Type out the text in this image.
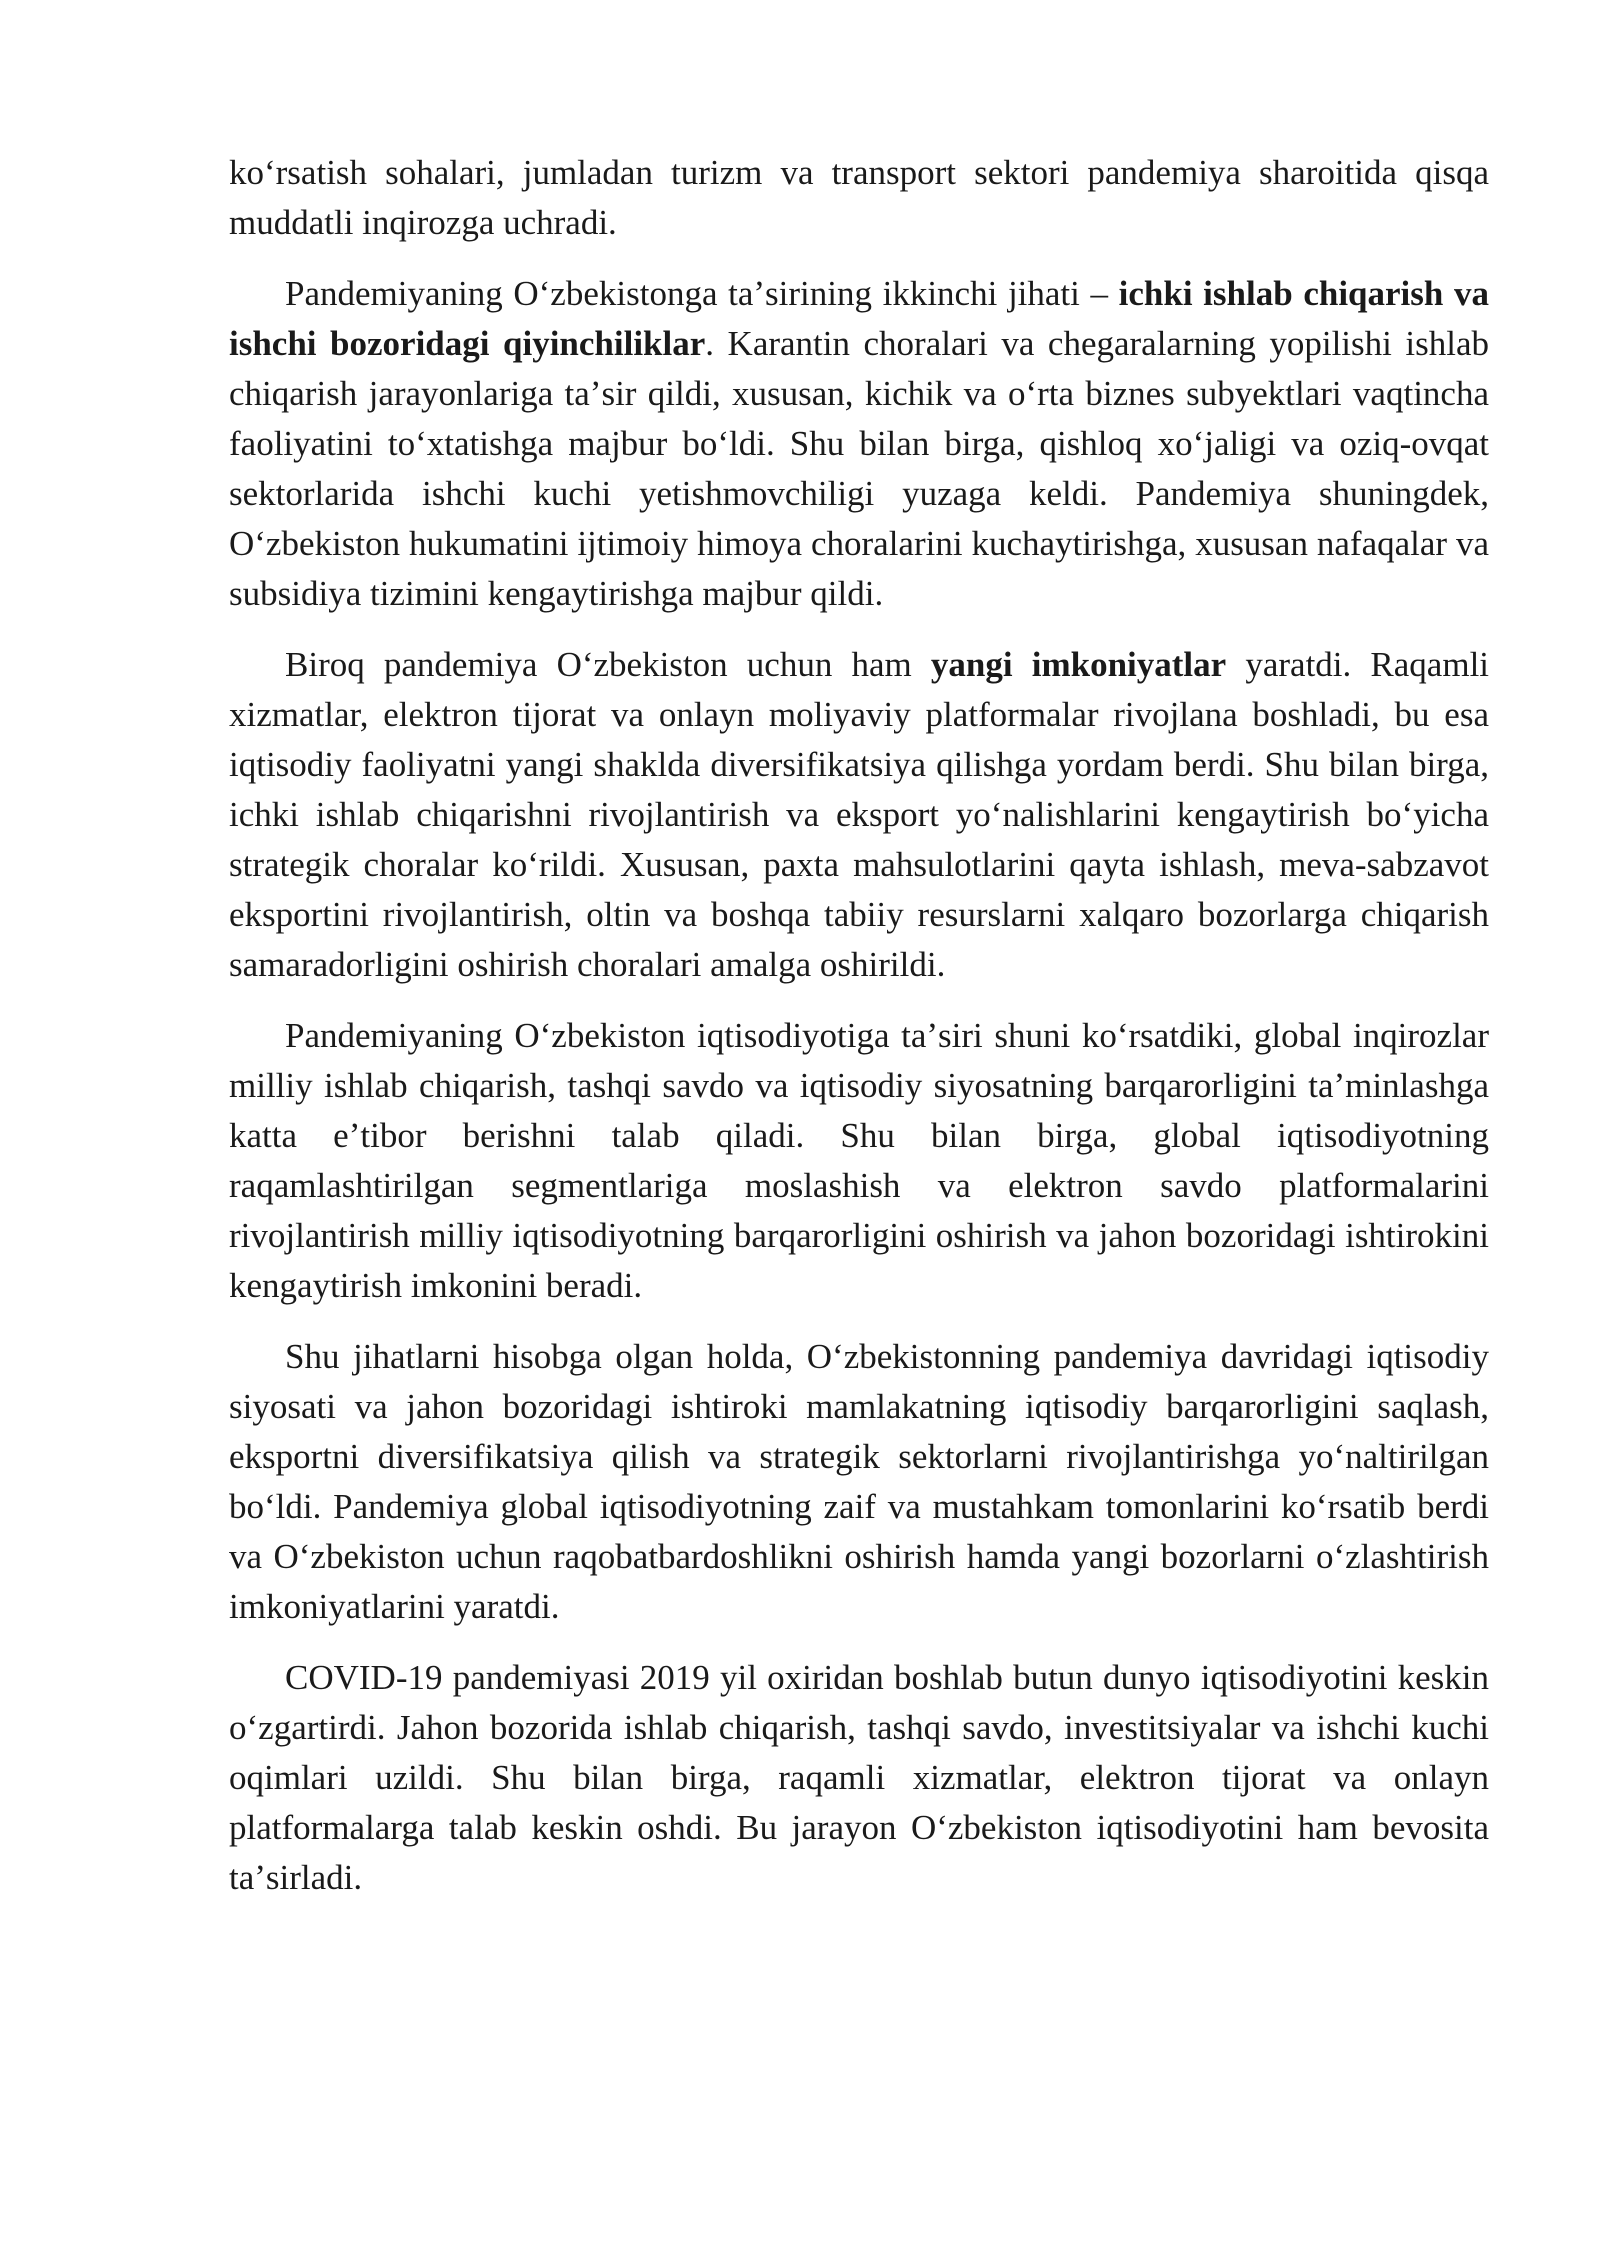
koʻrsatish sohalari, jumladan turizm va transport sektori pandemiya sharoitida qisqa muddatli inqirozga uchradi.

Pandemiyaning Oʻzbekistonga taʼsirining ikkinchi jihati – ichki ishlab chiqarish va ishchi bozoridagi qiyinchiliklar. Karantin choralari va chegaralarning yopilishi ishlab chiqarish jarayonlariga taʼsir qildi, xususan, kichik va oʻrta biznes subyektlari vaqtincha faoliyatini toʻxtatishga majbur boʻldi. Shu bilan birga, qishloq xoʻjaligi va oziq-ovqat sektorlarida ishchi kuchi yetishmovchiligi yuzaga keldi. Pandemiya shuningdek, Oʻzbekiston hukumatini ijtimoiy himoya choralarini kuchaytirishga, xususan nafaqalar va subsidiya tizimini kengaytirishga majbur qildi.

Biroq pandemiya Oʻzbekiston uchun ham yangi imkoniyatlar yaratdi. Raqamli xizmatlar, elektron tijorat va onlayn moliyaviy platformalar rivojlana boshladi, bu esa iqtisodiy faoliyatni yangi shaklda diversifikatsiya qilishga yordam berdi. Shu bilan birga, ichki ishlab chiqarishni rivojlantirish va eksport yoʻnalishlarini kengaytirish boʻyicha strategik choralar koʻrildi. Xususan, paxta mahsulotlarini qayta ishlash, meva-sabzavot eksportini rivojlantirish, oltin va boshqa tabiiy resurslarni xalqaro bozorlarga chiqarish samaradorligini oshirish choralari amalga oshirildi.

Pandemiyaning Oʻzbekiston iqtisodiyotiga taʼsiri shuni koʻrsatdiki, global inqirozlar milliy ishlab chiqarish, tashqi savdo va iqtisodiy siyosatning barqarorligini taʼminlashga katta eʼtibor berishni talab qiladi. Shu bilan birga, global iqtisodiyotning raqamlashtirilgan segmentlariga moslashish va elektron savdo platformalarini rivojlantirish milliy iqtisodiyotning barqarorligini oshirish va jahon bozoridagi ishtirokini kengaytirish imkonini beradi.

Shu jihatlarni hisobga olgan holda, Oʻzbekistonning pandemiya davridagi iqtisodiy siyosati va jahon bozoridagi ishtiroki mamlakatning iqtisodiy barqarorligini saqlash, eksportni diversifikatsiya qilish va strategik sektorlarni rivojlantirishga yoʻnaltirilgan boʻldi. Pandemiya global iqtisodiyotning zaif va mustahkam tomonlarini koʻrsatib berdi va Oʻzbekiston uchun raqobatbardoshlikni oshirish hamda yangi bozorlarni oʻzlashtirish imkoniyatlarini yaratdi.

COVID-19 pandemiyasi 2019 yil oxiridan boshlab butun dunyo iqtisodiyotini keskin oʻzgartirdi. Jahon bozorida ishlab chiqarish, tashqi savdo, investitsiyalar va ishchi kuchi oqimlari uzildi. Shu bilan birga, raqamli xizmatlar, elektron tijorat va onlayn platformalarga talab keskin oshdi. Bu jarayon Oʻzbekiston iqtisodiyotini ham bevosita taʼsirladi.
